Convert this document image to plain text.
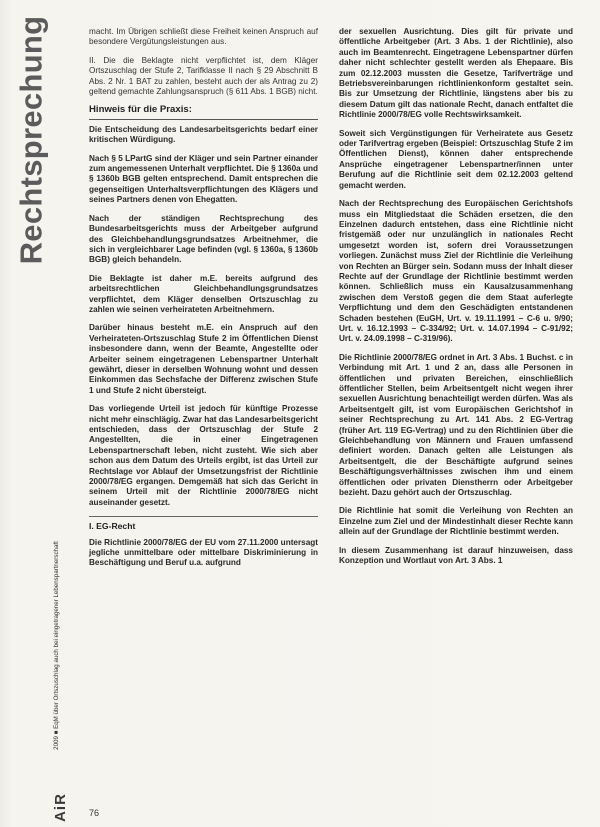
Rechtsprechung
2009 ■ EqM über Ortszuschlag auch bei eingetragener Lebenspartnerschaft
AiR 76

macht. Im Übrigen schließt diese Freiheit keinen Anspruch auf besondere Vergütungsleistungen aus.

II. Die die Beklagte nicht verpflichtet ist, dem Kläger Ortszuschlag der Stufe 2, Tarifklasse II nach § 29 Abschnitt B Abs. 2 Nr. 1 BAT zu zahlen, besteht auch der als Antrag zu 2) geltend gemachte Zahlungsanspruch (§ 611 Abs. 1 BGB) nicht.

Hinweis für die Praxis:

Die Entscheidung des Landesarbeitsgerichts bedarf einer kritischen Würdigung.

Nach § 5 LPartG sind der Kläger und sein Partner einander zum angemessenen Unterhalt verpflichtet. Die § 1360a und § 1360b BGB gelten entsprechend. Damit entsprechen die gegenseitigen Unterhaltsverpflichtungen des Klägers und seines Partners denen von Ehegatten.

Nach der ständigen Rechtsprechung des Bundesarbeitsgerichts muss der Arbeitgeber aufgrund des Gleichbehandlungsgrundsatzes Arbeitnehmer, die sich in vergleichbarer Lage befinden (vgl. § 1360a, § 1360b BGB) gleich behandeln.

Die Beklagte ist daher m.E. bereits aufgrund des arbeitsrechtlichen Gleichbehandlungsgrundsatzes verpflichtet, dem Kläger denselben Ortszuschlag zu zahlen wie seinen verheirateten Arbeitnehmern.

Darüber hinaus besteht m.E. ein Anspruch auf den Verheirateten-Ortszuschlag Stufe 2 im Öffentlichen Dienst insbesondere dann, wenn der Beamte, Angestellte oder Arbeiter seinem eingetragenen Lebenspartner Unterhalt gewährt, dieser in derselben Wohnung wohnt und dessen Einkommen das Sechsfache der Differenz zwischen Stufe 1 und Stufe 2 nicht übersteigt.

Das vorliegende Urteil ist jedoch für künftige Prozesse nicht mehr einschlägig. Zwar hat das Landesarbeitsgericht entschieden, dass der Ortszuschlag der Stufe 2 Angestellten, die in einer Eingetragenen Lebenspartnerschaft leben, nicht zusteht. Wie sich aber schon aus dem Datum des Urteils ergibt, ist das Urteil zur Rechtslage vor Ablauf der Umsetzungsfrist der Richtlinie 2000/78/EG ergangen. Demgemäß hat sich das Gericht in seinem Urteil mit der Richtlinie 2000/78/EG nicht auseinander gesetzt.

I. EG-Recht

Die Richtlinie 2000/78/EG der EU vom 27.11.2000 untersagt jegliche unmittelbare oder mittelbare Diskriminierung in Beschäftigung und Beruf u.a. aufgrund

der sexuellen Ausrichtung. Dies gilt für private und öffentliche Arbeitgeber (Art. 3 Abs. 1 der Richtlinie), also auch im Beamtenrecht. Eingetragene Lebenspartner dürfen daher nicht schlechter gestellt werden als Ehepaare. Bis zum 02.12.2003 mussten die Gesetze, Tarifverträge und Betriebsvereinbarungen richtlinienkonform gestaltet sein. Bis zur Umsetzung der Richtlinie, längstens aber bis zu diesem Datum gilt das nationale Recht, danach entfaltet die Richtlinie 2000/78/EG volle Rechtswirksamkeit.

Soweit sich Vergünstigungen für Verheiratete aus Gesetz oder Tarifvertrag ergeben (Beispiel: Ortszuschlag Stufe 2 im Öffentlichen Dienst), können daher entsprechende Ansprüche eingetragener Lebenspartner/innen unter Berufung auf die Richtlinie seit dem 02.12.2003 geltend gemacht werden.

Nach der Rechtsprechung des Europäischen Gerichtshofs muss ein Mitgliedstaat die Schäden ersetzen, die den Einzelnen dadurch entstehen, dass eine Richtlinie nicht fristgemäß oder nur unzulänglich in nationales Recht umgesetzt worden ist, sofern drei Voraussetzungen vorliegen. Zunächst muss Ziel der Richtlinie die Verleihung von Rechten an Bürger sein. Sodann muss der Inhalt dieser Rechte auf der Grundlage der Richtlinie bestimmt werden können. Schließlich muss ein Kausalzusammenhang zwischen dem Verstoß gegen die dem Staat auferlegte Verpflichtung und dem den Geschädigten entstandenen Schaden bestehen (EuGH, Urt. v. 19.11.1991 – C-6 u. 9/90; Urt. v. 16.12.1993 – C-334/92; Urt. v. 14.07.1994 – C-91/92; Urt. v. 24.09.1998 – C-319/96).

Die Richtlinie 2000/78/EG ordnet in Art. 3 Abs. 1 Buchst. c in Verbindung mit Art. 1 und 2 an, dass alle Personen in öffentlichen und privaten Bereichen, einschließlich öffentlicher Stellen, beim Arbeitsentgelt nicht wegen ihrer sexuellen Ausrichtung benachteiligt werden dürfen. Was als Arbeitsentgelt gilt, ist vom Europäischen Gerichtshof in seiner Rechtsprechung zu Art. 141 Abs. 2 EG-Vertrag (früher Art. 119 EG-Vertrag) und zu den Richtlinien über die Gleichbehandlung von Männern und Frauen umfassend definiert worden. Danach gelten alle Leistungen als Arbeitsentgelt, die der Beschäftigte aufgrund seines Beschäftigungsverhältnisses zwischen ihm und einem öffentlichen oder privaten Dienstherrn oder Arbeitgeber bezieht. Dazu gehört auch der Ortszuschlag.

Die Richtlinie hat somit die Verleihung von Rechten an Einzelne zum Ziel und der Mindestinhalt dieser Rechte kann allein auf der Grundlage der Richtlinie bestimmt werden.

In diesem Zusammenhang ist darauf hinzuweisen, dass Konzeption und Wortlaut von Art. 3 Abs. 1
